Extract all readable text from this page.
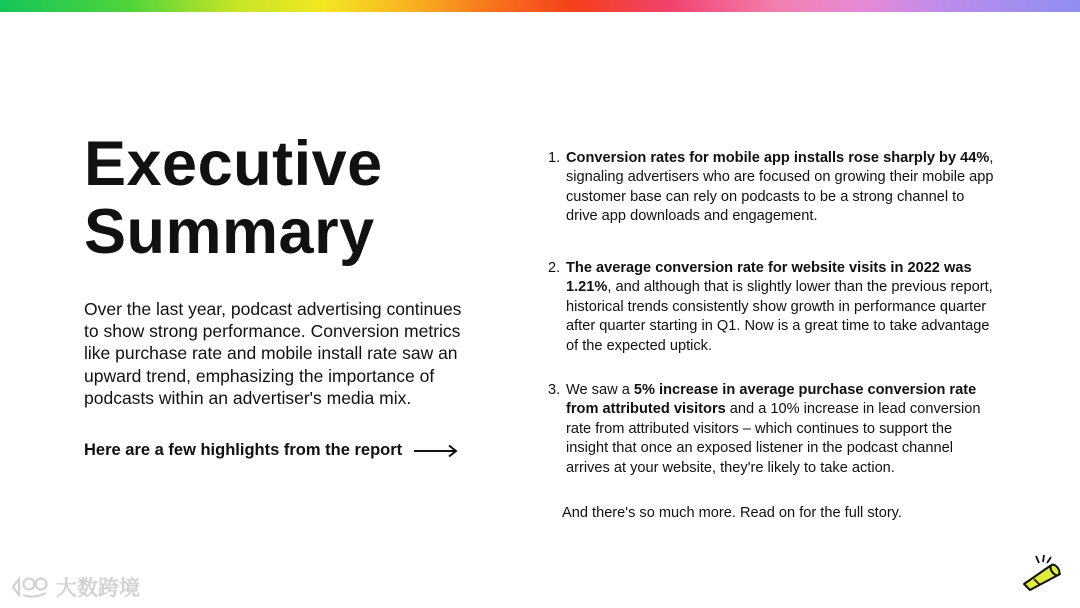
Executive
Summary

Over the last year, podcast advertising continues to show strong performance. Conversion metrics like purchase rate and mobile install rate saw an upward trend, emphasizing the importance of podcasts within an advertiser's media mix.

Here are a few highlights from the report
1. Conversion rates for mobile app installs rose sharply by 44%, signaling advertisers who are focused on growing their mobile app customer base can rely on podcasts to be a strong channel to drive app downloads and engagement.
2. The average conversion rate for website visits in 2022 was 1.21%, and although that is slightly lower than the previous report, historical trends consistently show growth in performance quarter after quarter starting in Q1. Now is a great time to take advantage of the expected uptick.
3. We saw a 5% increase in average purchase conversion rate from attributed visitors and a 10% increase in lead conversion rate from attributed visitors – which continues to support the insight that once an exposed listener in the podcast channel arrives at your website, they're likely to take action.

And there's so much more. Read on for the full story.

大数跨境
